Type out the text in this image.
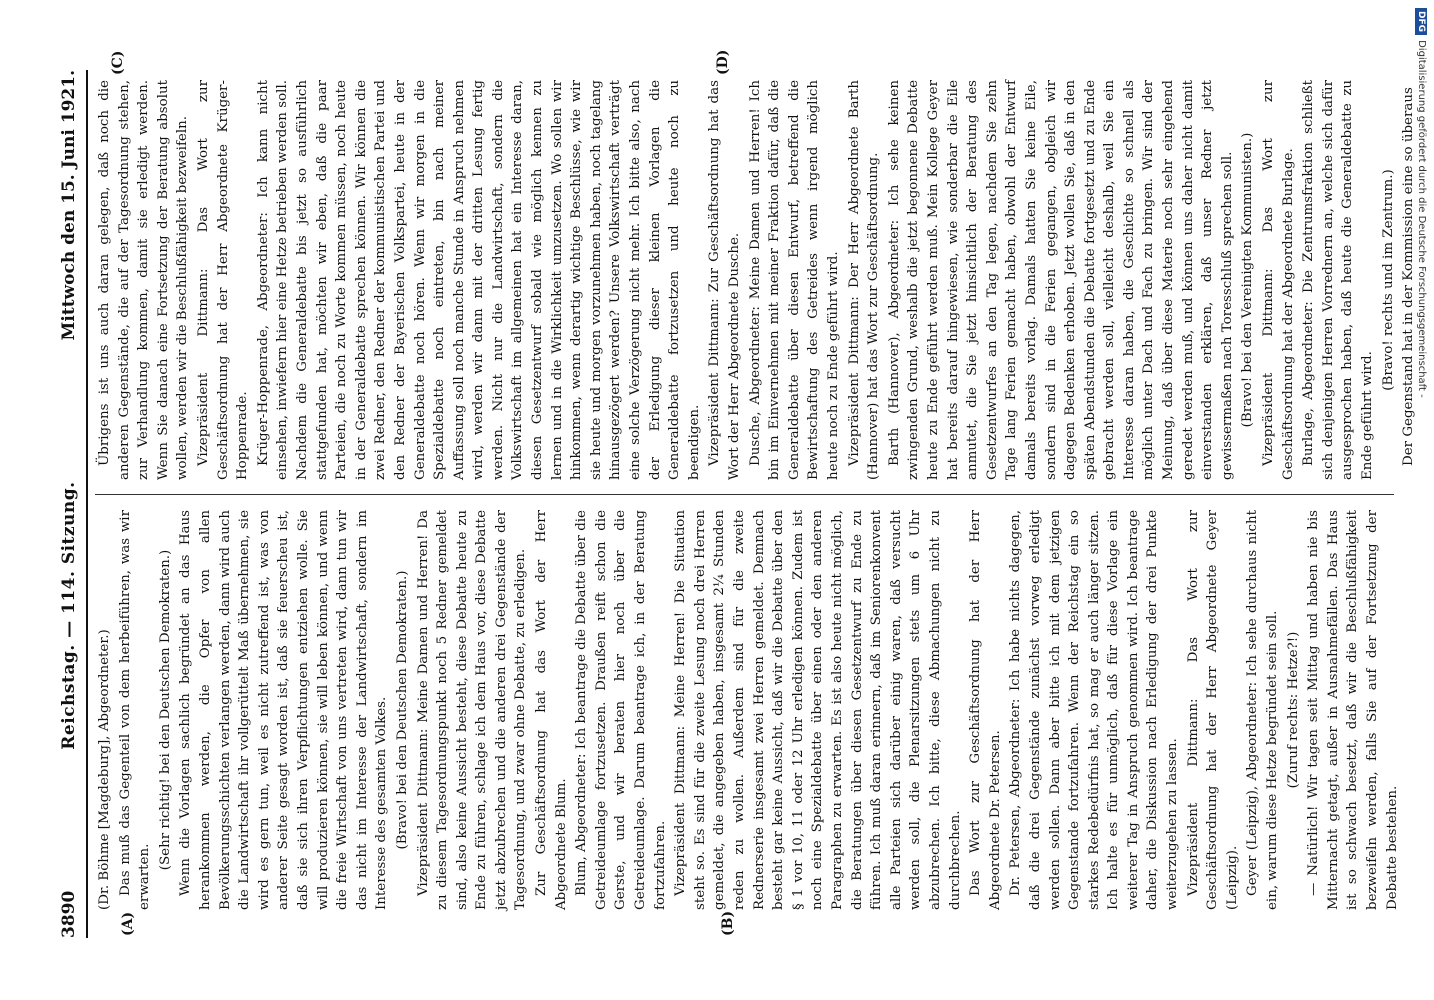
3890
Reichstag. — 114. Sitzung.
Mittwoch den 15. Juni 1921.
(A)	(B)
(C)	(D)

(Dr. Böhme [Magdeburg], Abgeordneter.) Das muß das Gegenteil von dem herbeiführen, was wir erwarten.

(Sehr richtig! bei den Deutschen Demokraten.) Wenn die Vorlagen sachlich begründet an das Haus herankommen werden, die Opfer von allen Bevölkerungsschichten verlangen werden, dann wird auch die Landwirtschaft ihr vollgerüttelt Maß übernehmen, sie wird es gern tun, weil es nicht zutreffend ist, was von anderer Seite gesagt worden ist, daß sie feuerscheu ist, daß sie sich ihren Verpflichtungen entziehen wolle. Sie will produzieren können, sie will leben können, und wenn die freie Wirtschaft von uns vertreten wird, dann tun wir das nicht im Interesse der Landwirtschaft, sondern im Interesse des gesamten Volkes. (Bravo! bei den Deutschen Demokraten.) Vizepräsident Dittmann: Meine Damen und Herren! Da zu diesem Tagesordnungspunkt noch 5 Redner gemeldet sind, also keine Aussicht besteht, diese Debatte heute zu Ende zu führen, schlage ich dem Haus vor, diese Debatte jetzt abzubrechen und die anderen drei Gegenstände der Tagesordnung, und zwar ohne Debatte, zu erledigen. Zur Geschäftsordnung hat das Wort der Herr Abgeordnete Blum. Blum, Abgeordneter: Ich beantrage die Debatte über die Getreideumlage fortzusetzen. Draußen reift schon die Gerste, und wir beraten hier noch über die Getreideumlage. Darum beantrage ich, in der Beratung fortzufahren. Vizepräsident Dittmann: Meine Herren! Die Situation steht so. Es sind für die zweite Lesung noch drei Herren gemeldet, die angegeben haben, insgesamt 2¼ Stunden reden zu wollen. Außerdem sind für die zweite Rednerserie insgesamt zwei Herren gemeldet. Demnach besteht gar keine Aussicht, daß wir die Debatte über den § 1 vor 10, 11 oder 12 Uhr erledigen können. Zudem ist noch eine Spezialdebatte über einen oder den anderen Paragraphen zu erwarten. Es ist also heute nicht möglich, die Beratungen über diesen Gesetzentwurf zu Ende zu führen. Ich muß daran erinnern, daß im Seniorenkonvent alle Parteien sich darüber einig waren, daß versucht werden soll, die Plenarsitzungen stets um 6 Uhr abzubrechen. Ich bitte, diese Abmachungen nicht zu durchbrechen. Das Wort zur Geschäftsordnung hat der Herr Abgeordnete Dr. Petersen. Dr. Petersen, Abgeordneter: Ich habe nichts dagegen, daß die drei Gegenstände zunächst vorweg erledigt werden sollen. Dann aber bitte ich mit dem jetzigen Gegenstande fortzufahren. Wenn der Reichstag ein so starkes Redebedürfnis hat, so mag er auch länger sitzen. Ich halte es für unmöglich, daß für diese Vorlage ein weiterer Tag in Anspruch genommen wird. Ich beantrage daher, die Diskussion nach Erledigung der drei Punkte weiterzugehen zu lassen. Vizepräsident Dittmann: Das Wort zur Geschäftsordnung hat der Herr Abgeordnete Geyer (Leipzig). Geyer (Leipzig), Abgeordneter: Ich sehe durchaus nicht ein, warum diese Hetze begründet sein soll. (Zuruf rechts: Hetze?!) — Natürlich! Wir tagen seit Mittag und haben nie bis Mitternacht getagt, außer in Ausnahmefällen. Das Haus ist so schwach besetzt, daß wir die Beschlußfähigkeit bezweifeln werden, falls Sie auf der Fortsetzung der Debatte bestehen.

Übrigens ist uns auch daran gelegen, daß noch die anderen Gegenstände, die auf der Tagesordnung stehen, zur Verhandlung kommen, damit sie erledigt werden. Wenn Sie danach eine Fortsetzung der Beratung absolut wollen, werden wir die Beschlußfähigkeit bezweifeln. Vizepräsident Dittmann: Das Wort zur Geschäftsordnung hat der Herr Abgeordnete Krüger-Hoppenrade. Krüger-Hoppenrade, Abgeordneter: Ich kann nicht einsehen, inwiefern hier eine Hetze betrieben werden soll. Nachdem die Generaldebatte bis jetzt so ausführlich stattgefunden hat, möchten wir eben, daß die paar Parteien, die noch zu Worte kommen müssen, noch heute in der Generaldebatte sprechen können. Wir können die zwei Redner, den Redner der kommunistischen Partei und den Redner der Bayerischen Volkspartei, heute in der Generaldebatte noch hören. Wenn wir morgen in die Spezialdebatte noch eintreten, bin nach meiner Auffassung soll noch manche Stunde in Anspruch nehmen wird, werden wir dann mit der dritten Lesung fertig werden. Nicht nur die Landwirtschaft, sondern die Volkswirtschaft im allgemeinen hat ein Interesse daran, diesen Gesetzentwurf sobald wie möglich kennen zu lernen und in die Wirklichkeit umzusetzen. Wo sollen wir hinkommen, wenn derartig wichtige Beschlüsse, wie wir sie heute und morgen vorzunehmen haben, noch tagelang hinausgezögert werden? Unsere Volkswirtschaft verträgt eine solche Verzögerung nicht mehr. Ich bitte also, nach der Erledigung dieser kleinen Vorlagen die Generaldebatte fortzusetzen und heute noch zu beendigen. Vizepräsident Dittmann: Zur Geschäftsordnung hat das Wort der Herr Abgeordnete Dusche. Dusche, Abgeordneter: Meine Damen und Herren! Ich bin im Einvernehmen mit meiner Fraktion dafür, daß die Generaldebatte über diesen Entwurf, betreffend die Bewirtschaftung des Getreides wenn irgend möglich heute noch zu Ende geführt wird. Vizepräsident Dittmann: Der Herr Abgeordnete Barth (Hannover) hat das Wort zur Geschäftsordnung. Barth (Hannover), Abgeordneter: Ich sehe keinen zwingenden Grund, weshalb die jetzt begonnene Debatte heute zu Ende geführt werden muß. Mein Kollege Geyer hat bereits darauf hingewiesen, wie sonderbar die Eile anmutet, die Sie jetzt hinsichtlich der Beratung des Gesetzentwurfes an den Tag legen, nachdem Sie zehn Tage lang Ferien gemacht haben, obwohl der Entwurf damals bereits vorlag. Damals hatten Sie keine Eile, sondern sind in die Ferien gegangen, obgleich wir dagegen Bedenken erhoben. Jetzt wollen Sie, daß in den späten Abendstunden die Debatte fortgesetzt und zu Ende gebracht werden soll, vielleicht deshalb, weil Sie ein Interesse daran haben, die Geschichte so schnell als möglich unter Dach und Fach zu bringen. Wir sind der Meinung, daß über diese Materie noch sehr eingehend geredet werden muß, und können uns daher nicht damit einverstanden erklären, daß unser Redner jetzt gewissermaßen nach Toresschluß sprechen soll. (Bravo! bei den Vereinigten Kommunisten.) Vizepräsident Dittmann: Das Wort zur Geschäftsordnung hat der Abgeordnete Burlage. Burlage, Abgeordneter: Die Zentrumsfraktion schließt sich denjenigen Herren Vorrednern an, welche sich dafür ausgesprochen haben, daß heute die Generaldebatte zu Ende geführt wird.

(Bravo! rechts und im Zentrum.) Der Gegenstand hat in der Kommission eine so überaus

DFG Digitalisierung gefördert durch die Deutsche Forschungsgemeinschaft -
